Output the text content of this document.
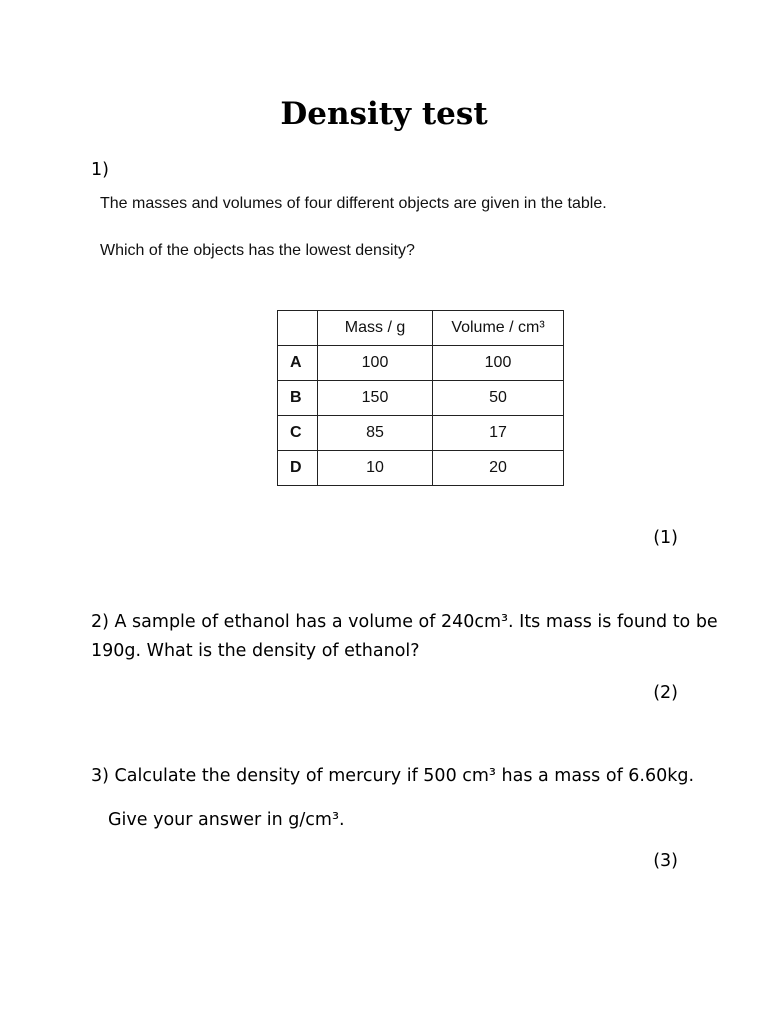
Density test
1)
The masses and volumes of four different objects are given in the table.
Which of the objects has the lowest density?
	Mass / g	Volume / cm³
A	100	100
B	150	50
C	85	17
D	10	20
(1)
2) A sample of ethanol has a volume of 240cm³. Its mass is found to be
190g. What is the density of ethanol?
(2)
3) Calculate the density of mercury if 500 cm³ has a mass of 6.60kg.
Give your answer in g/cm³.
(3)
